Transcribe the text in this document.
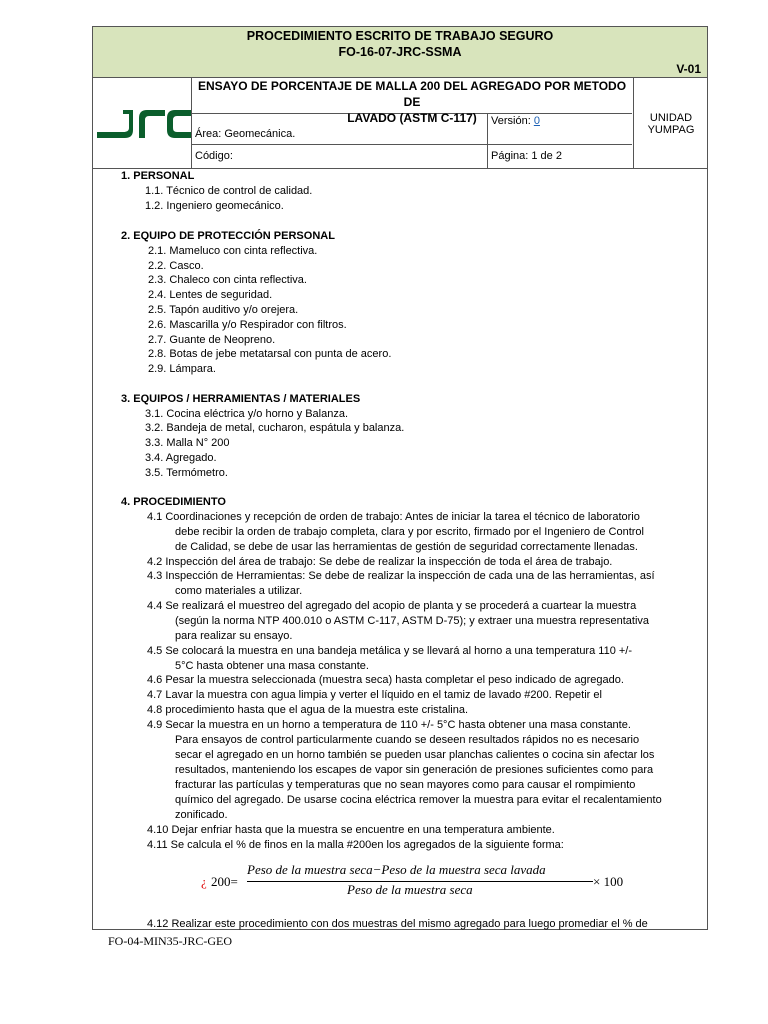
PROCEDIMIENTO ESCRITO DE TRABAJO SEGURO
FO-16-07-JRC-SSMA
V-01
ENSAYO DE PORCENTAJE DE MALLA 200 DEL AGREGADO POR METODO DE
LAVADO (ASTM C-117)
Área: Geomecánica.
Versión: 0
Código:	Página: 1 de 2
UNIDAD
YUMPAG
¿ 200=
Peso de la muestra seca−Peso de la muestra seca lavada
Peso de la muestra seca
× 100
1. PERSONAL
1.1. Técnico de control de calidad.
1.2. Ingeniero geomecánico.
2. EQUIPO DE PROTECCIÓN PERSONAL
2.1. Mameluco con cinta reflectiva.
2.2. Casco.
2.3. Chaleco con cinta reflectiva.
2.4. Lentes de seguridad.
2.5. Tapón auditivo y/o orejera.
2.6. Mascarilla y/o Respirador con filtros.
2.7. Guante de Neopreno.
2.8. Botas de jebe metatarsal con punta de acero.
2.9. Lámpara.
3. EQUIPOS / HERRAMIENTAS / MATERIALES
3.1. Cocina eléctrica y/o horno y Balanza.
3.2. Bandeja de metal, cucharon, espátula y balanza.
3.3. Malla N° 200
3.4. Agregado.
3.5. Termómetro.
4. PROCEDIMIENTO
4.1 Coordinaciones y recepción de orden de trabajo: Antes de iniciar la tarea el técnico de laboratorio
debe recibir la orden de trabajo completa, clara y por escrito, firmado por el Ingeniero de Control
de Calidad, se debe de usar las herramientas de gestión de seguridad correctamente llenadas.
4.2 Inspección del área de trabajo: Se debe de realizar la inspección de toda el área de trabajo.
4.3 Inspección de Herramientas: Se debe de realizar la inspección de cada una de las herramientas, así
como materiales a utilizar.
4.4 Se realizará el muestreo del agregado del acopio de planta y se procederá a cuartear la muestra
(según la norma NTP 400.010 o ASTM C-117, ASTM D-75); y extraer una muestra representativa
para realizar su ensayo.
4.5 Se colocará la muestra en una bandeja metálica y se llevará al horno a una temperatura 110 +/-
5°C hasta obtener una masa constante.
4.6 Pesar la muestra seleccionada (muestra seca) hasta completar el peso indicado de agregado.
4.7 Lavar la muestra con agua limpia y verter el líquido en el tamiz de lavado #200. Repetir el
4.8 procedimiento hasta que el agua de la muestra este cristalina.
4.9 Secar la muestra en un horno a temperatura de 110 +/- 5°C hasta obtener una masa constante.
Para ensayos de control particularmente cuando se deseen resultados rápidos no es necesario
secar el agregado en un horno también se pueden usar planchas calientes o cocina sin afectar los
resultados, manteniendo los escapes de vapor sin generación de presiones suficientes como para
fracturar las partículas y temperaturas que no sean mayores como para causar el rompimiento
químico del agregado. De usarse cocina eléctrica remover la muestra para evitar el recalentamiento
zonificado.
4.10 Dejar enfriar hasta que la muestra se encuentre en una temperatura ambiente.
4.11 Se calcula el % de finos en la malla #200en los agregados de la siguiente forma:
4.12 Realizar este procedimiento con dos muestras del mismo agregado para luego promediar el % de
FO-04-MIN35-JRC-GEO
